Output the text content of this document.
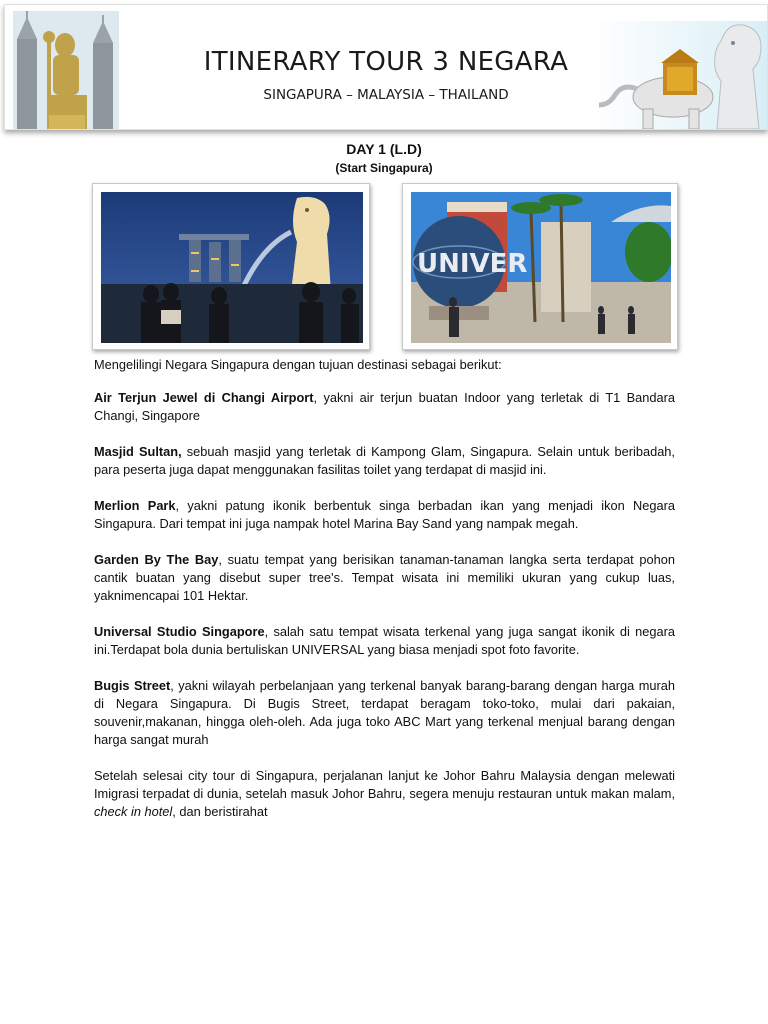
ITINERARY TOUR 3 NEGARA
SINGAPURA – MALAYSIA – THAILAND
DAY 1 (L.D)
(Start Singapura)
UNIVER

Mengelilingi Negara Singapura dengan tujuan destinasi sebagai berikut:

Air Terjun Jewel di Changi Airport, yakni air terjun buatan Indoor yang terletak di T1 Bandara Changi, Singapore

Masjid Sultan, sebuah masjid yang terletak di Kampong Glam, Singapura. Selain untuk beribadah, para peserta juga dapat menggunakan fasilitas toilet yang terdapat di masjid ini.

Merlion Park, yakni patung ikonik berbentuk singa berbadan ikan yang menjadi ikon Negara Singapura. Dari tempat ini juga nampak hotel Marina Bay Sand yang nampak megah.

Garden By The Bay, suatu tempat yang berisikan tanaman-tanaman langka serta terdapat pohon cantik buatan yang disebut super tree's. Tempat wisata ini memiliki ukuran yang cukup luas, yaknimencapai 101 Hektar.

Universal Studio Singapore, salah satu tempat wisata terkenal yang juga sangat ikonik di negara ini.Terdapat bola dunia bertuliskan UNIVERSAL yang biasa menjadi spot foto favorite.

Bugis Street, yakni wilayah perbelanjaan yang terkenal banyak barang-barang dengan harga murah di Negara Singapura. Di Bugis Street, terdapat beragam toko-toko, mulai dari pakaian, souvenir,makanan, hingga oleh-oleh. Ada juga toko ABC Mart yang terkenal menjual barang dengan harga sangat murah

Setelah selesai city tour di Singapura, perjalanan lanjut ke Johor Bahru Malaysia dengan melewati Imigrasi terpadat di dunia, setelah masuk Johor Bahru, segera menuju restauran untuk makan malam, check in hotel, dan beristirahat
